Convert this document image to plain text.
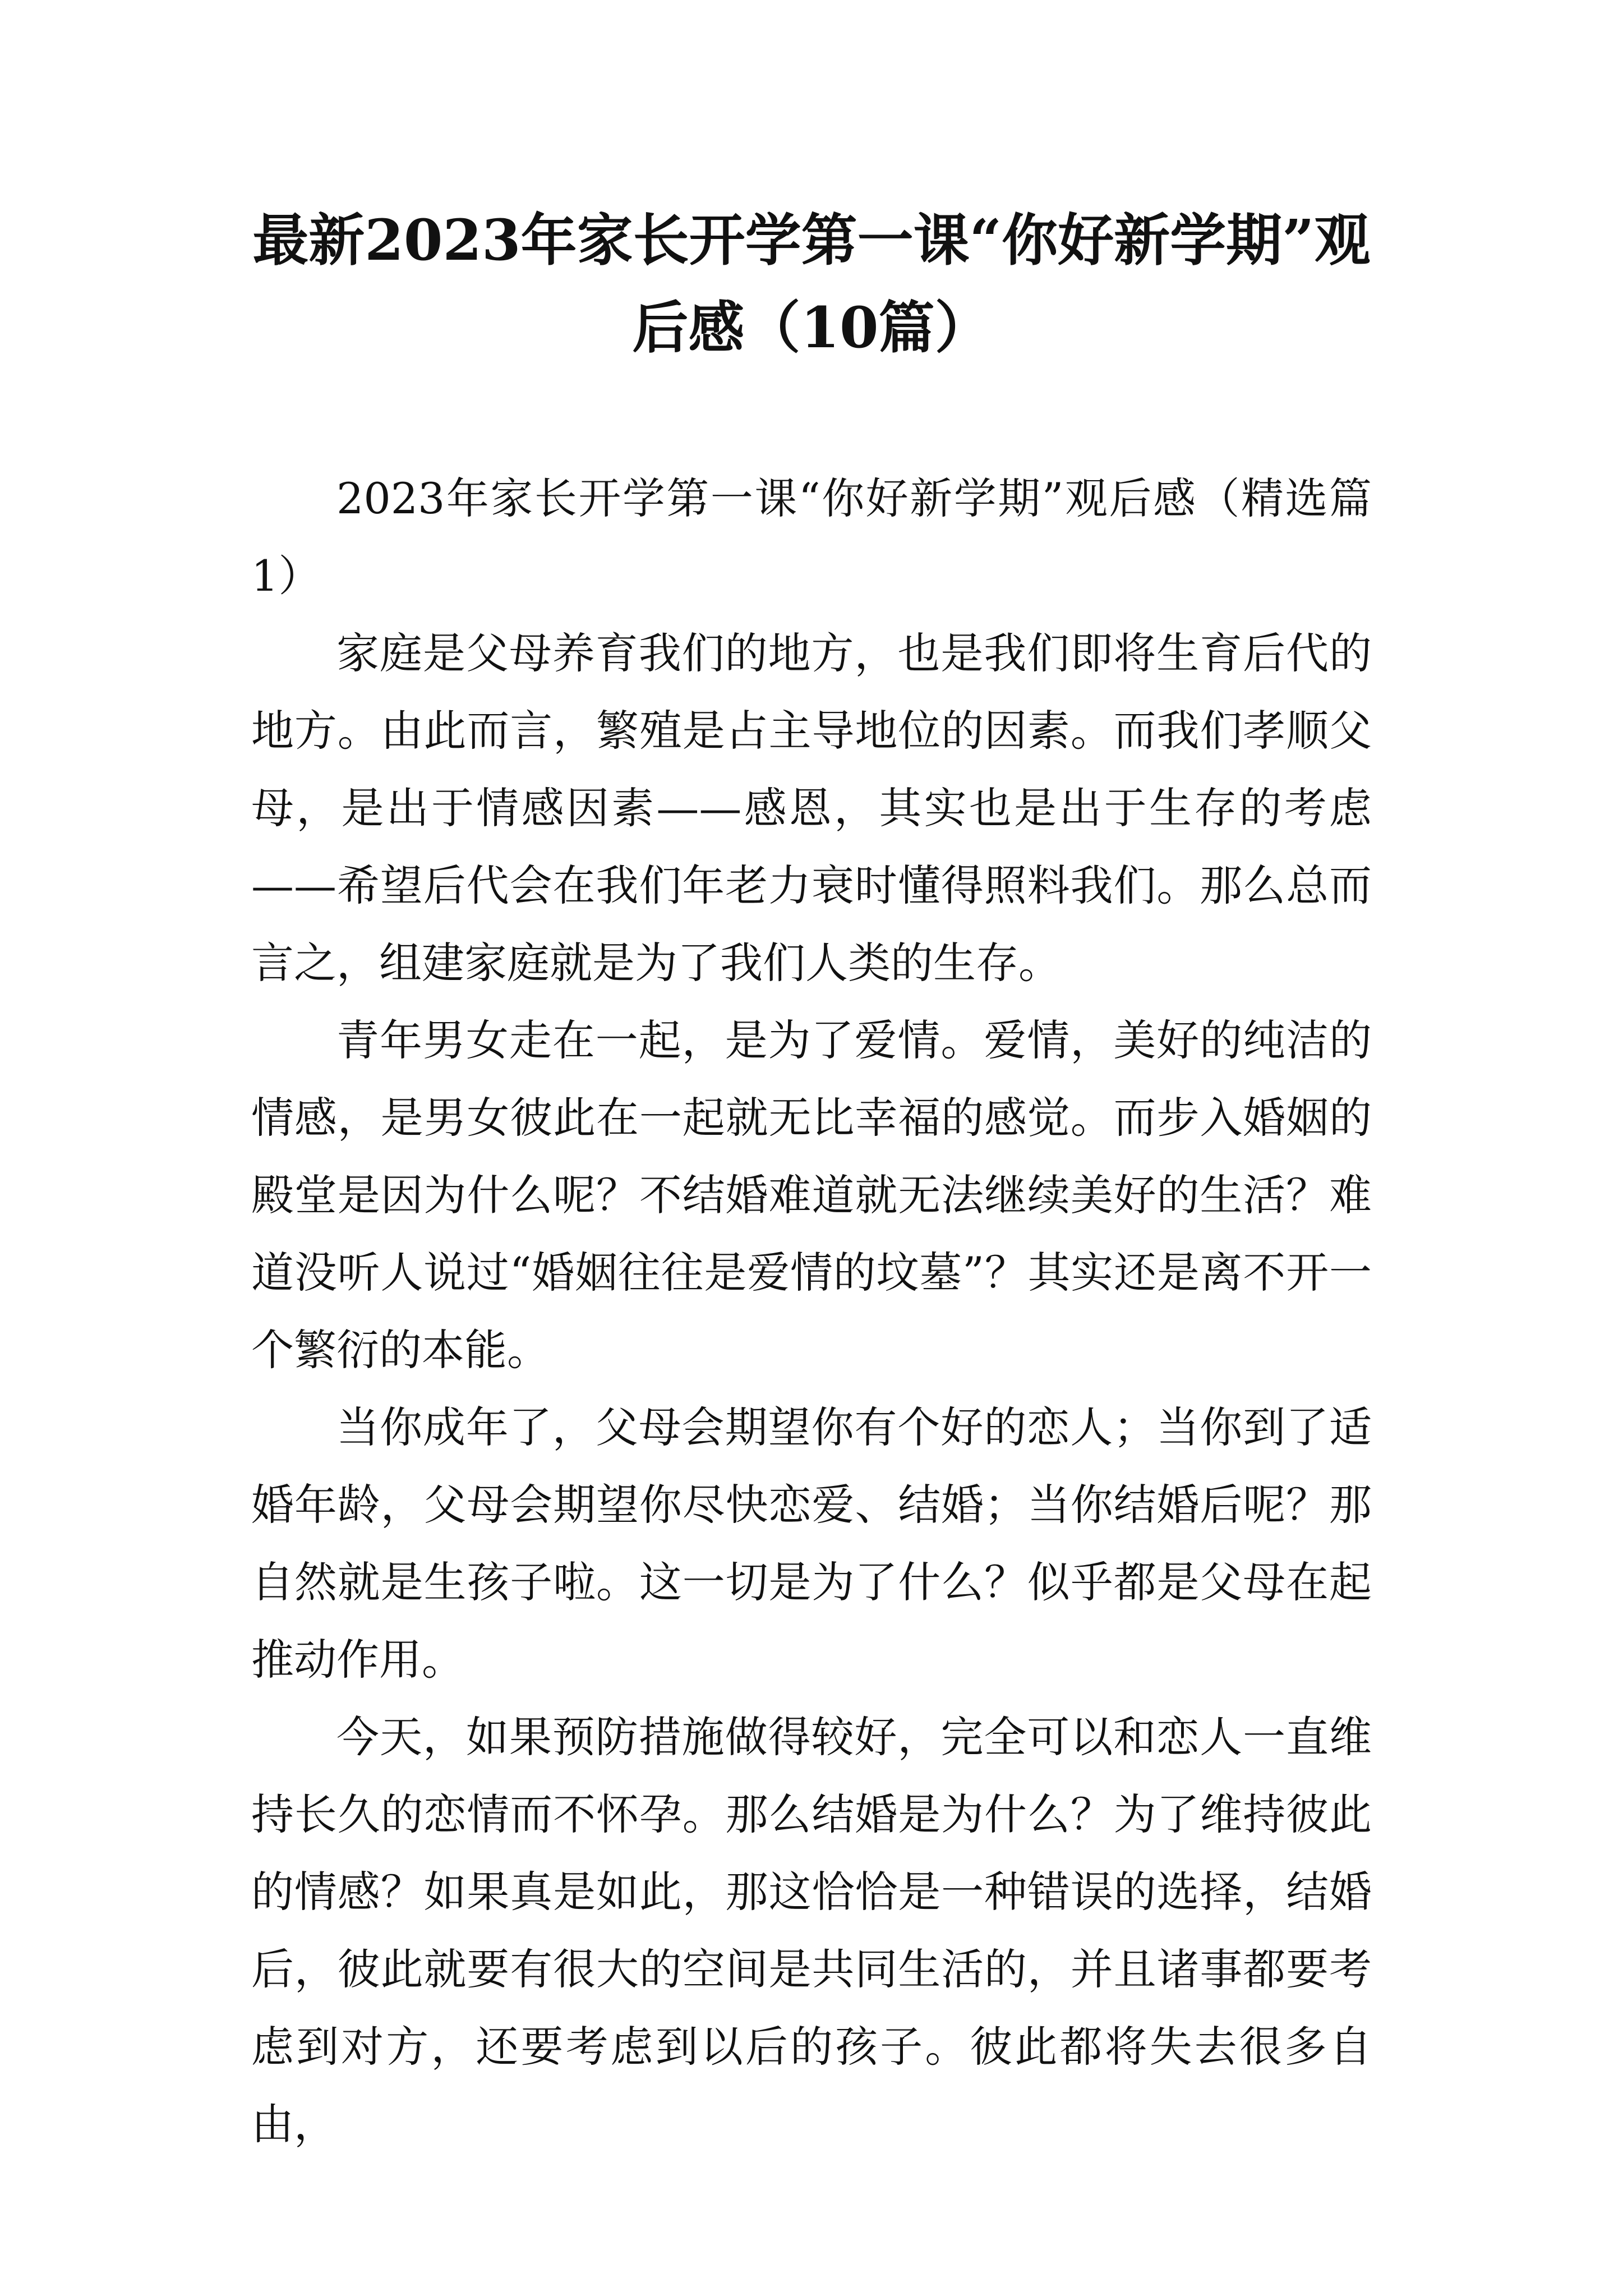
最新2023年家长开学第一课“你好新学期”观后感（10篇）

2023年家长开学第一课“你好新学期”观后感（精选篇1）

家庭是父母养育我们的地方，也是我们即将生育后代的地方。由此而言，繁殖是占主导地位的因素。而我们孝顺父母，是出于情感因素——感恩，其实也是出于生存的考虑——希望后代会在我们年老力衰时懂得照料我们。那么总而言之，组建家庭就是为了我们人类的生存。

青年男女走在一起，是为了爱情。爱情，美好的纯洁的情感，是男女彼此在一起就无比幸福的感觉。而步入婚姻的殿堂是因为什么呢？不结婚难道就无法继续美好的生活？难道没听人说过“婚姻往往是爱情的坟墓”？其实还是离不开一个繁衍的本能。

当你成年了，父母会期望你有个好的恋人；当你到了适婚年龄，父母会期望你尽快恋爱、结婚；当你结婚后呢？那自然就是生孩子啦。这一切是为了什么？似乎都是父母在起推动作用。

今天，如果预防措施做得较好，完全可以和恋人一直维持长久的恋情而不怀孕。那么结婚是为什么？为了维持彼此的情感？如果真是如此，那这恰恰是一种错误的选择，结婚后，彼此就要有很大的空间是共同生活的，并且诸事都要考虑到对方，还要考虑到以后的孩子。彼此都将失去很多自由，
